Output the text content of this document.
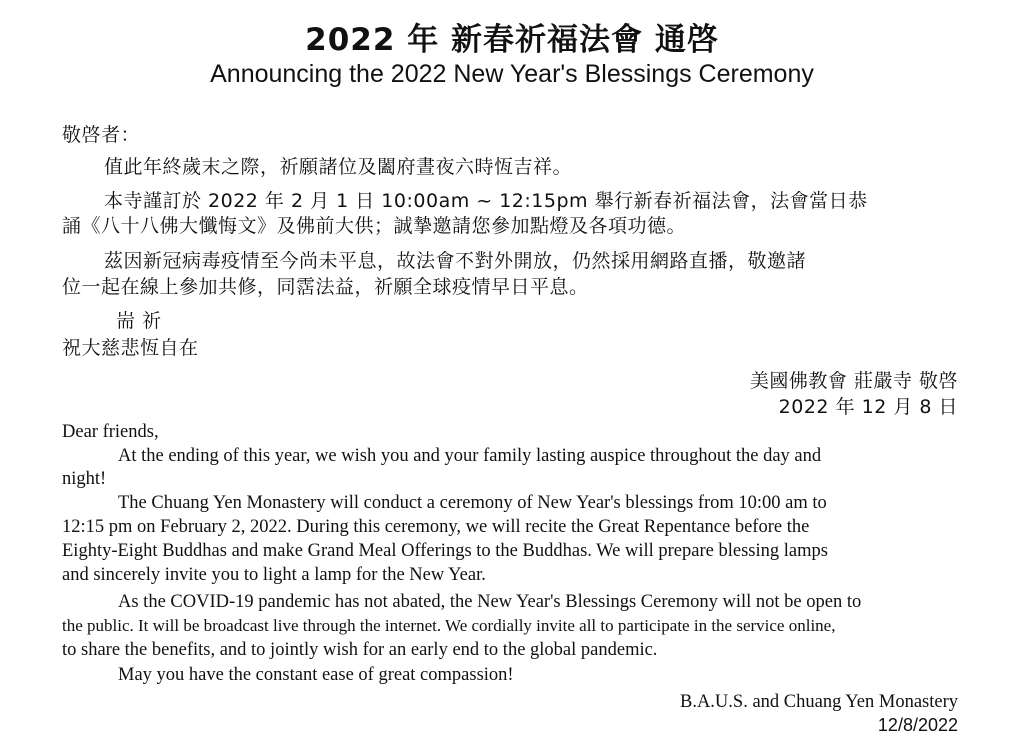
2022 年 新春祈福法會 通啓
Announcing the 2022 New Year's Blessings Ceremony
敬啓者：
值此年終歲末之際，祈願諸位及闔府晝夜六時恆吉祥。
本寺謹訂於 2022 年 2 月 1 日 10:00am ~ 12:15pm 舉行新春祈福法會，法會當日恭
誦《八十八佛大懺悔文》及佛前大供；誠摯邀請您參加點燈及各項功德。
茲因新冠病毒疫情至今尚未平息，故法會不對外開放，仍然採用網路直播，敬邀諸
位一起在線上參加共修，同霑法益，祈願全球疫情早日平息。
耑 祈
祝大慈悲恆自在
美國佛教會 莊嚴寺 敬啓
2022 年 12 月 8 日
Dear friends,
At the ending of this year, we wish you and your family lasting auspice throughout the day and
night!
The Chuang Yen Monastery will conduct a ceremony of New Year's blessings from 10:00 am to
12:15 pm on February 2, 2022. During this ceremony, we will recite the Great Repentance before the
Eighty-Eight Buddhas and make Grand Meal Offerings to the Buddhas. We will prepare blessing lamps
and sincerely invite you to light a lamp for the New Year.
As the COVID-19 pandemic has not abated, the New Year's Blessings Ceremony will not be open to
the public. It will be broadcast live through the internet. We cordially invite all to participate in the service online,
to share the benefits, and to jointly wish for an early end to the global pandemic.
May you have the constant ease of great compassion!
B.A.U.S. and Chuang Yen Monastery
12/8/2022
